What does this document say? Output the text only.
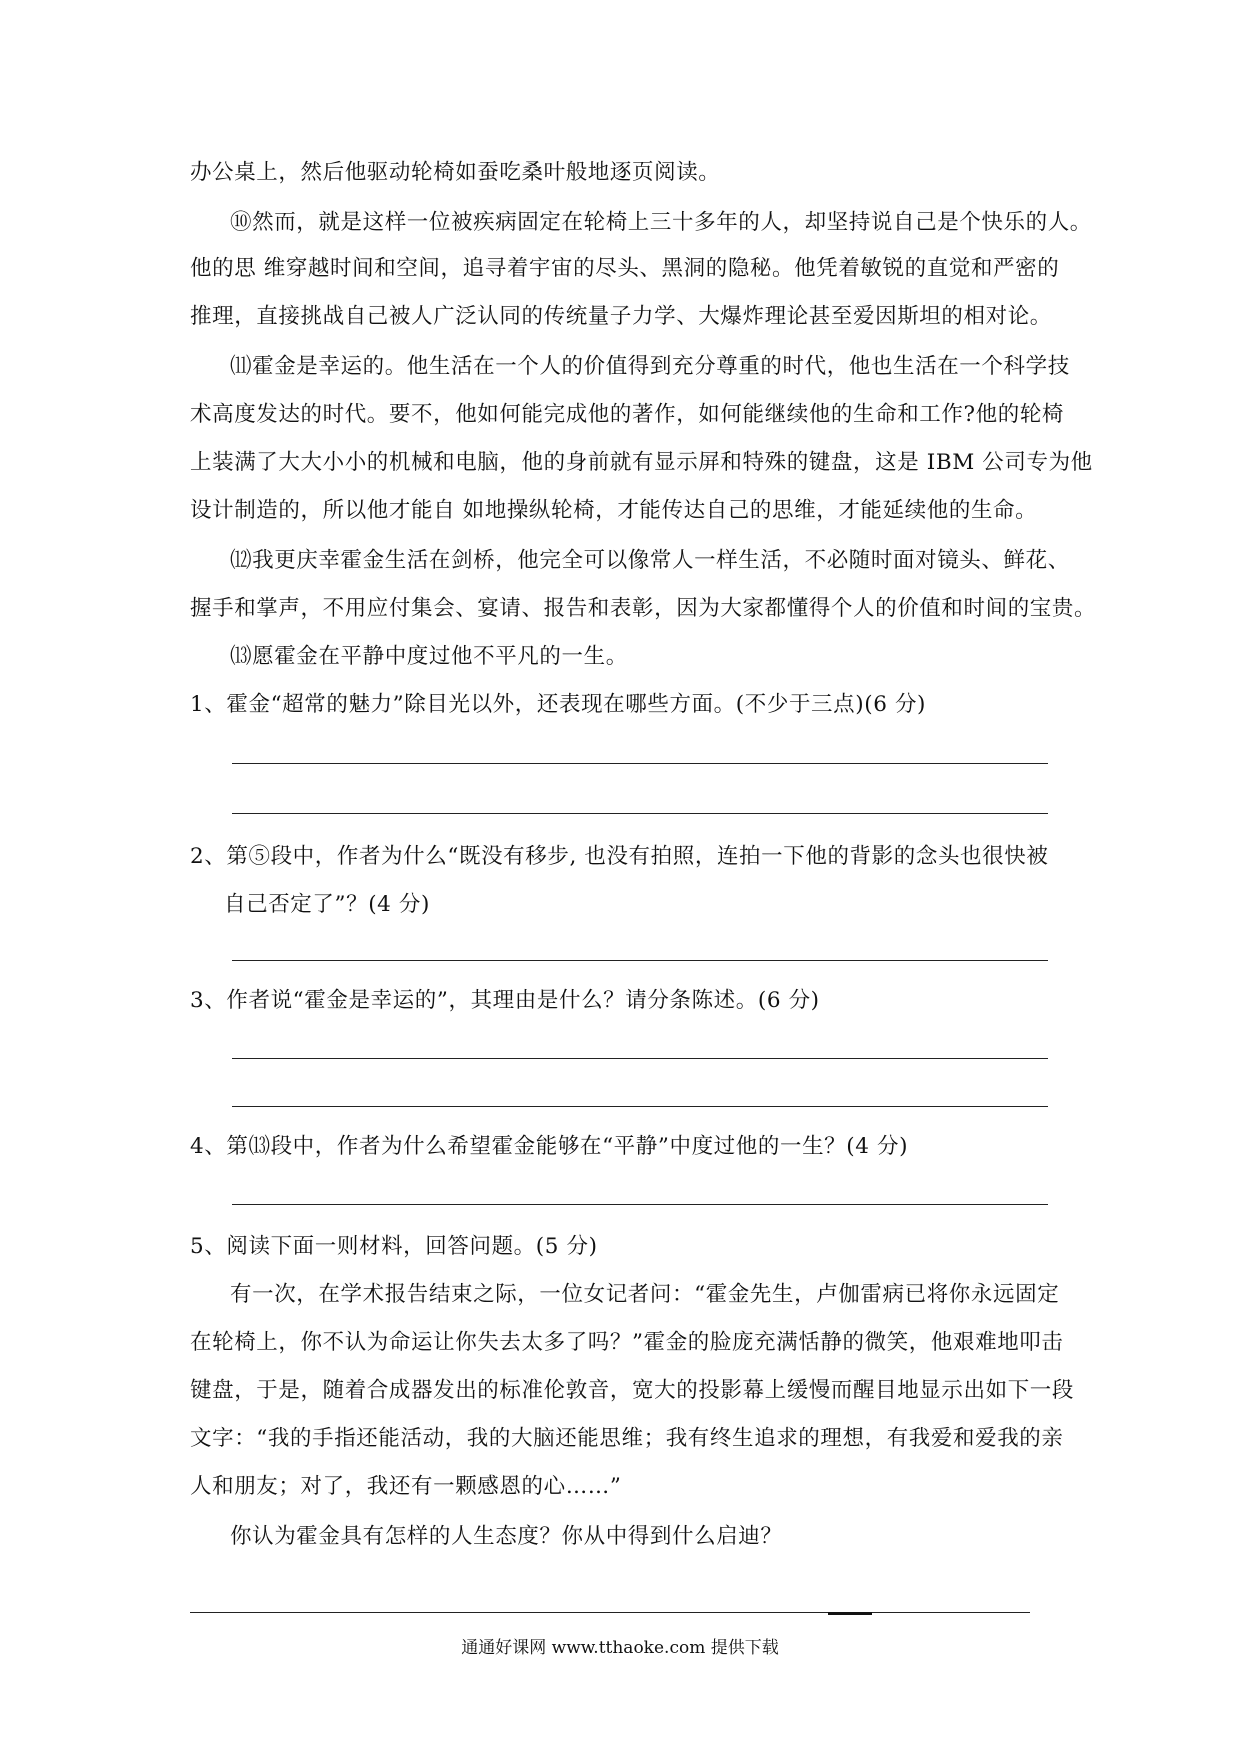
办公桌上，然后他驱动轮椅如蚕吃桑叶般地逐页阅读。
⑩然而，就是这样一位被疾病固定在轮椅上三十多年的人，却坚持说自己是个快乐的人。
他的思 维穿越时间和空间，追寻着宇宙的尽头、黑洞的隐秘。他凭着敏锐的直觉和严密的
推理，直接挑战自己被人广泛认同的传统量子力学、大爆炸理论甚至爱因斯坦的相对论。
⑾霍金是幸运的。他生活在一个人的价值得到充分尊重的时代，他也生活在一个科学技
术高度发达的时代。要不，他如何能完成他的著作，如何能继续他的生命和工作?他的轮椅
上装满了大大小小的机械和电脑，他的身前就有显示屏和特殊的键盘，这是 IBM 公司专为他
设计制造的，所以他才能自 如地操纵轮椅，才能传达自己的思维，才能延续他的生命。
⑿我更庆幸霍金生活在剑桥，他完全可以像常人一样生活，不必随时面对镜头、鲜花、
握手和掌声，不用应付集会、宴请、报告和表彰，因为大家都懂得个人的价值和时间的宝贵。
⒀愿霍金在平静中度过他不平凡的一生。
1、霍金“超常的魅力”除目光以外，还表现在哪些方面。(不少于三点)(6 分)
2、第⑤段中，作者为什么“既没有移步, 也没有拍照，连拍一下他的背影的念头也很快被
自己否定了”？(4 分)
3、作者说“霍金是幸运的”，其理由是什么？请分条陈述。(6 分)
4、第⒀段中，作者为什么希望霍金能够在“平静”中度过他的一生？(4 分)
5、阅读下面一则材料，回答问题。(5 分)
有一次，在学术报告结束之际，一位女记者问：“霍金先生，卢伽雷病已将你永远固定
在轮椅上，你不认为命运让你失去太多了吗？”霍金的脸庞充满恬静的微笑，他艰难地叩击
键盘，于是，随着合成器发出的标准伦敦音，宽大的投影幕上缓慢而醒目地显示出如下一段
文字：“我的手指还能活动，我的大脑还能思维；我有终生追求的理想，有我爱和爱我的亲
人和朋友；对了，我还有一颗感恩的心……”
你认为霍金具有怎样的人生态度？你从中得到什么启迪？
通通好课网 www.tthaoke.com 提供下载
